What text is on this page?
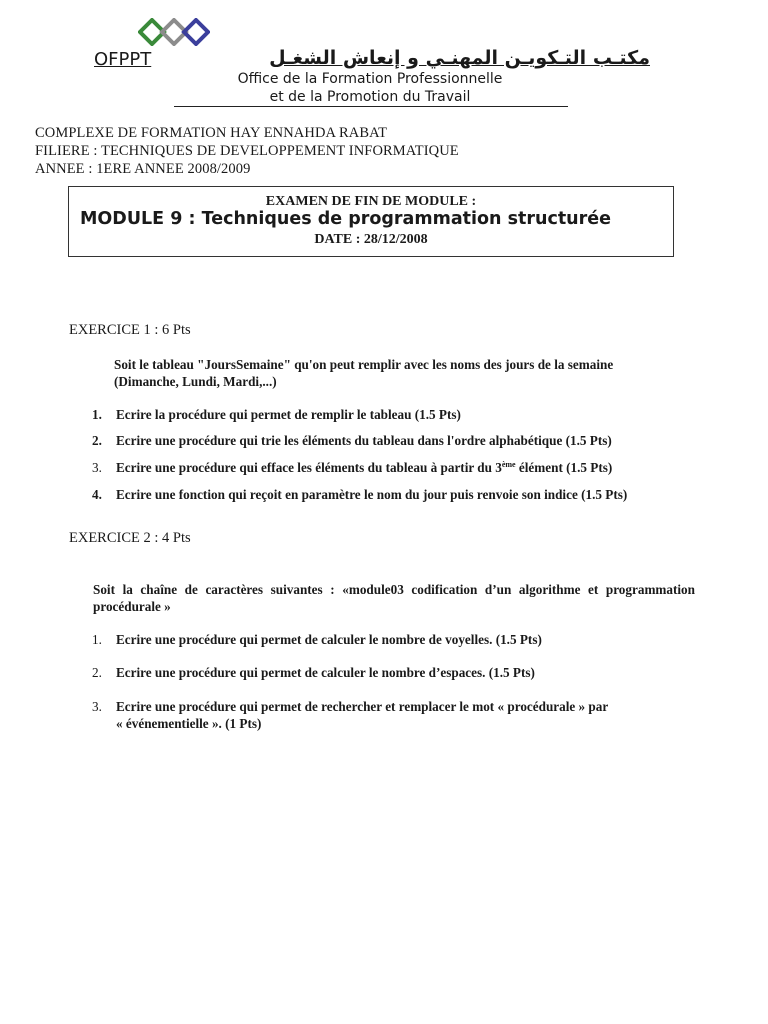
OFPPT	مكتـب التـكويـن المهنـي و إنعاش الشغـل
Office de la Formation Professionnelle
et de la Promotion du Travail
COMPLEXE DE FORMATION HAY ENNAHDA RABAT
FILIERE : TECHNIQUES DE DEVELOPPEMENT INFORMATIQUE
ANNEE : 1ERE ANNEE 2008/2009
EXAMEN DE FIN DE MODULE :
MODULE 9 : Techniques de programmation structurée
DATE : 28/12/2008
EXERCICE 1 : 6 Pts
Soit le tableau "JoursSemaine" qu'on peut remplir avec les noms des jours de la semaine (Dimanche, Lundi, Mardi,...)
1. Ecrire la procédure qui permet de remplir le tableau (1.5 Pts)
2. Ecrire une procédure qui trie les éléments du tableau dans l'ordre alphabétique (1.5 Pts)
3. Ecrire une procédure qui efface les éléments du tableau à partir du 3ème élément (1.5 Pts)
4. Ecrire une fonction qui reçoit en paramètre le nom du jour puis renvoie son indice (1.5 Pts)
EXERCICE 2 : 4 Pts
Soit la chaîne de caractères suivantes : «module03 codification d’un algorithme et programmation procédurale »
1. Ecrire une procédure qui permet de calculer le nombre de voyelles. (1.5 Pts)
2. Ecrire une procédure qui permet de calculer le nombre d’espaces. (1.5 Pts)
3. Ecrire une procédure qui permet de rechercher et remplacer le mot « procédurale » par
« événementielle ». (1 Pts)
